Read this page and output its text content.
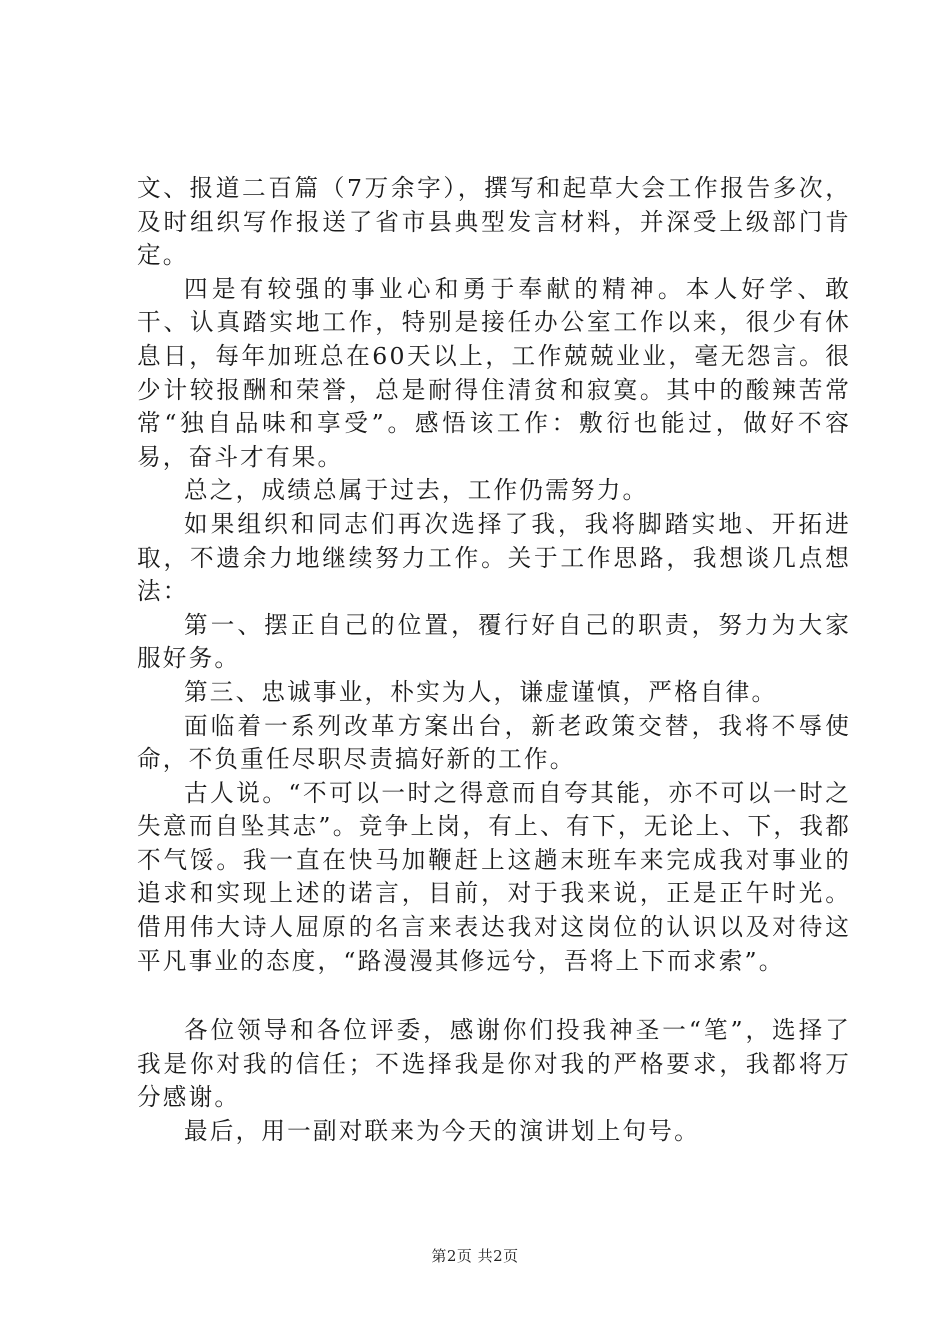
文、报道二百篇（7万余字），撰写和起草大会工作报告多次，及时组织写作报送了省市县典型发言材料，并深受上级部门肯定。

四是有较强的事业心和勇于奉献的精神。本人好学、敢干、认真踏实地工作，特别是接任办公室工作以来，很少有休息日，每年加班总在60天以上，工作兢兢业业，毫无怨言。很少计较报酬和荣誉，总是耐得住清贫和寂寞。其中的酸辣苦常常“独自品味和享受”。感悟该工作：敷衍也能过，做好不容易，奋斗才有果。

总之，成绩总属于过去，工作仍需努力。

如果组织和同志们再次选择了我，我将脚踏实地、开拓进取，不遗余力地继续努力工作。关于工作思路，我想谈几点想法：

第一、摆正自己的位置，覆行好自己的职责，努力为大家服好务。

第三、忠诚事业，朴实为人，谦虚谨慎，严格自律。

面临着一系列改革方案出台，新老政策交替，我将不辱使命，不负重任尽职尽责搞好新的工作。

古人说。“不可以一时之得意而自夸其能，亦不可以一时之失意而自坠其志”。竞争上岗，有上、有下，无论上、下，我都不气馁。我一直在快马加鞭赶上这趟末班车来完成我对事业的追求和实现上述的诺言，目前，对于我来说，正是正午时光。借用伟大诗人屈原的名言来表达我对这岗位的认识以及对待这平凡事业的态度，“路漫漫其修远兮，吾将上下而求索”。

各位领导和各位评委，感谢你们投我神圣一“笔”，选择了我是你对我的信任；不选择我是你对我的严格要求，我都将万分感谢。

最后，用一副对联来为今天的演讲划上句号。

第2页 共2页
